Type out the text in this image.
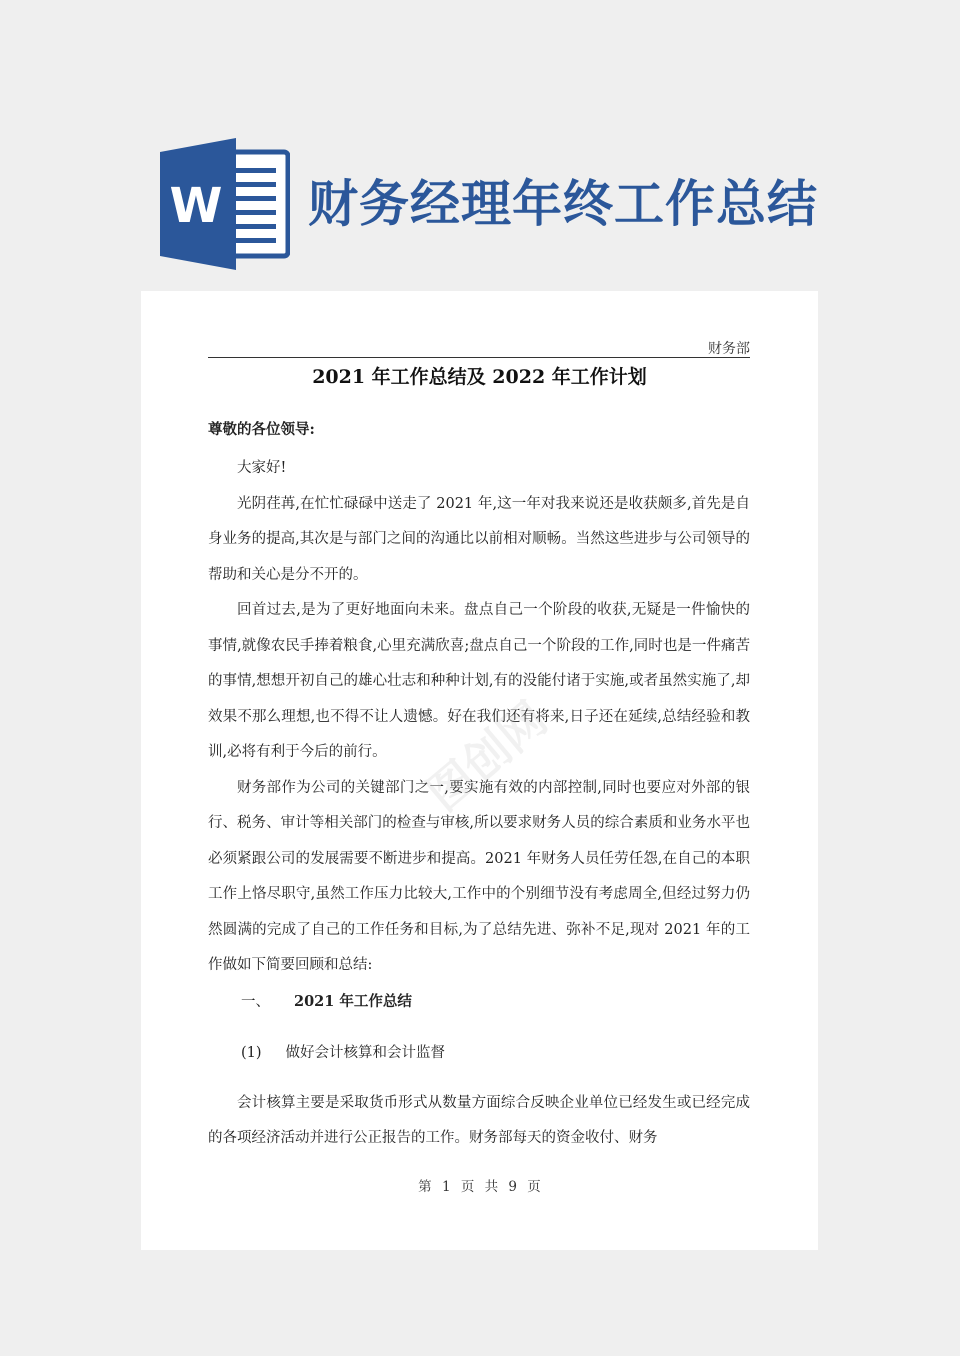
W 财务经理年终工作总结
财务部
2021 年工作总结及 2022 年工作计划

尊敬的各位领导:

大家好!

光阴荏苒,在忙忙碌碌中送走了 2021 年,这一年对我来说还是收获颇多,首先是自身业务的提高,其次是与部门之间的沟通比以前相对顺畅。当然这些进步与公司领导的帮助和关心是分不开的。

回首过去,是为了更好地面向未来。盘点自己一个阶段的收获,无疑是一件愉快的事情,就像农民手捧着粮食,心里充满欣喜;盘点自己一个阶段的工作,同时也是一件痛苦的事情,想想开初自己的雄心壮志和种种计划,有的没能付诸于实施,或者虽然实施了,却效果不那么理想,也不得不让人遗憾。好在我们还有将来,日子还在延续,总结经验和教训,必将有利于今后的前行。

财务部作为公司的关键部门之一,要实施有效的内部控制,同时也要应对外部的银行、税务、审计等相关部门的检查与审核,所以要求财务人员的综合素质和业务水平也必须紧跟公司的发展需要不断进步和提高。2021 年财务人员任劳任怨,在自己的本职工作上恪尽职守,虽然工作压力比较大,工作中的个别细节没有考虑周全,但经过努力仍然圆满的完成了自己的工作任务和目标,为了总结先进、弥补不足,现对 2021 年的工作做如下简要回顾和总结:

一、 2021 年工作总结

(1) 做好会计核算和会计监督

会计核算主要是采取货币形式从数量方面综合反映企业单位已经发生或已经完成的各项经济活动并进行公正报告的工作。财务部每天的资金收付、财务

图创网
第 1 页 共 9 页
